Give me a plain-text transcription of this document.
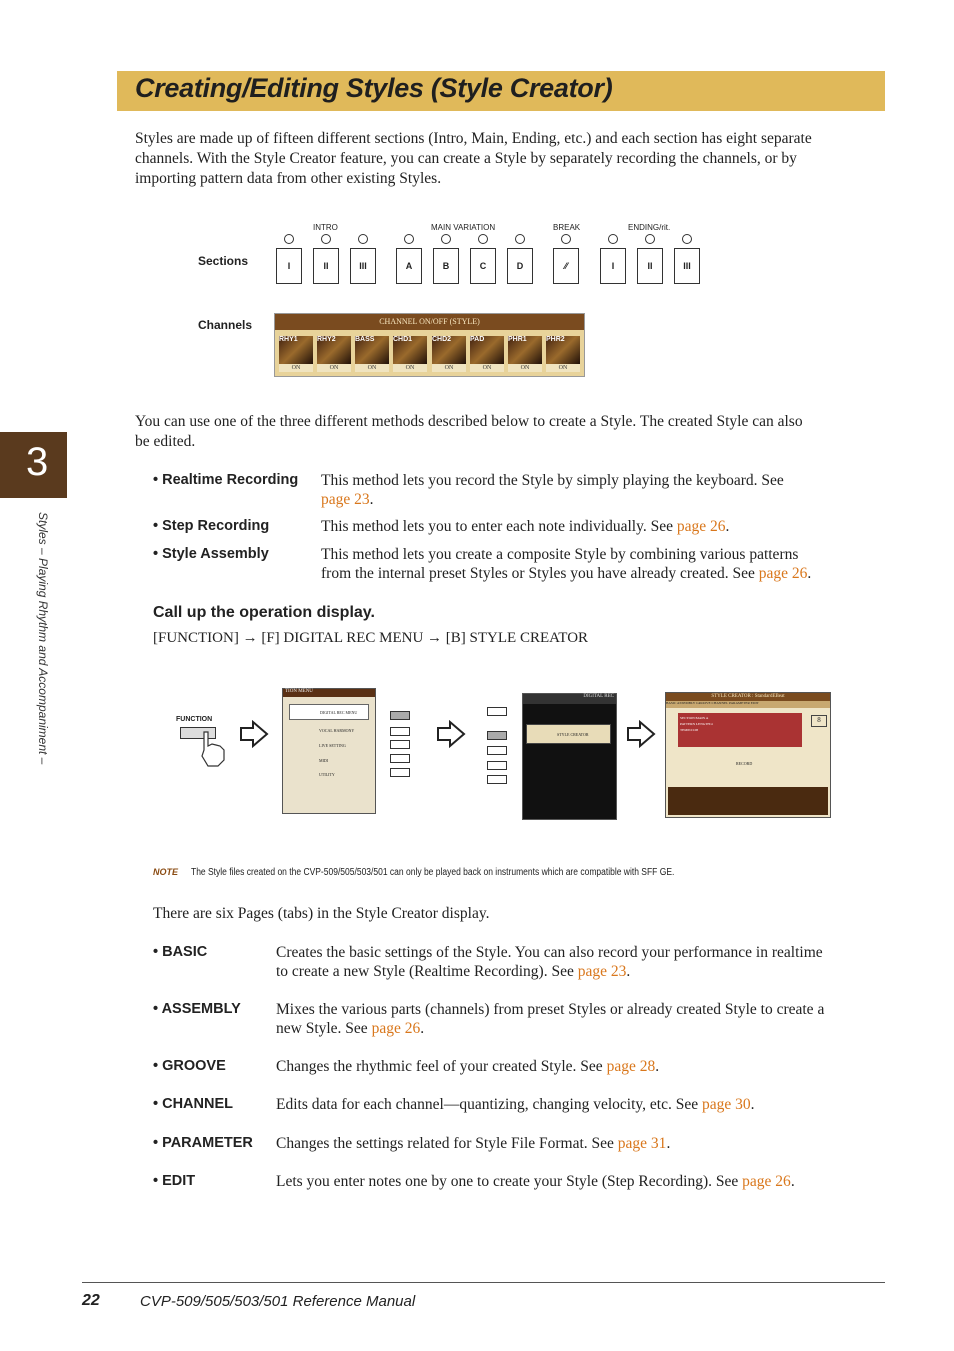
Creating/Editing Styles (Style Creator)
Styles are made up of fifteen different sections (Intro, Main, Ending, etc.) and each section has eight separate
channels. With the Style Creator feature, you can create a Style by separately recording the channels, or by
importing pattern data from other existing Styles.
Sections
Channels
INTRO	MAIN VARIATION	BREAK	ENDING/rit.
I	II	III	A	B	C	D	⁄⁄	I	II	III
CHANNEL ON/OFF (STYLE)
RHY1
ON
RHY2
ON
BASS
ON
CHD1
ON
CHD2
ON
PAD
ON
PHR1
ON
PHR2
ON
You can use one of the three different methods described below to create a Style. The created Style can also
be edited.
• Realtime Recording This method lets you record the Style by simply playing the keyboard. See
page 23.
• Step Recording	This method lets you to enter each note individually. See page 26.
• Style Assembly	This method lets you create a composite Style by combining various patterns
from the internal preset Styles or Styles you have already created. See page 26.
Call up the operation display.
[FUNCTION] → [F] DIGITAL REC MENU → [B] STYLE CREATOR
FUNCTION
TION MENU
DIGITAL REC MENU
VOCAL HARMONY
LIVE SETTING
MIDI
UTILITY
DIGITAL REC
STYLE CREATOR
STYLE CREATOR : StandardEBeat
BASIC ASSEMBLY GROOVE CHANNEL PARAMETER EDIT
SECTION:MAIN A
PATTERN LENGTH:4
TEMPO:108
8
RECORD
NOTE The Style files created on the CVP-509/505/503/501 can only be played back on instruments which are compatible with SFF GE.
There are six Pages (tabs) in the Style Creator display.
• BASIC	Creates the basic settings of the Style. You can also record your performance in realtime
to create a new Style (Realtime Recording). See page 23.
• ASSEMBLY Mixes the various parts (channels) from preset Styles or already created Style to create a
new Style. See page 26.
• GROOVE	Changes the rhythmic feel of your created Style. See page 28.
• CHANNEL	Edits data for each channel—quantizing, changing velocity, etc. See page 30.
• PARAMETER Changes the settings related for Style File Format. See page 31.
• EDIT	Lets you enter notes one by one to create your Style (Step Recording). See page 26.
3
Styles – Playing Rhythm and Accompaniment –
22	CVP-509/505/503/501 Reference Manual
